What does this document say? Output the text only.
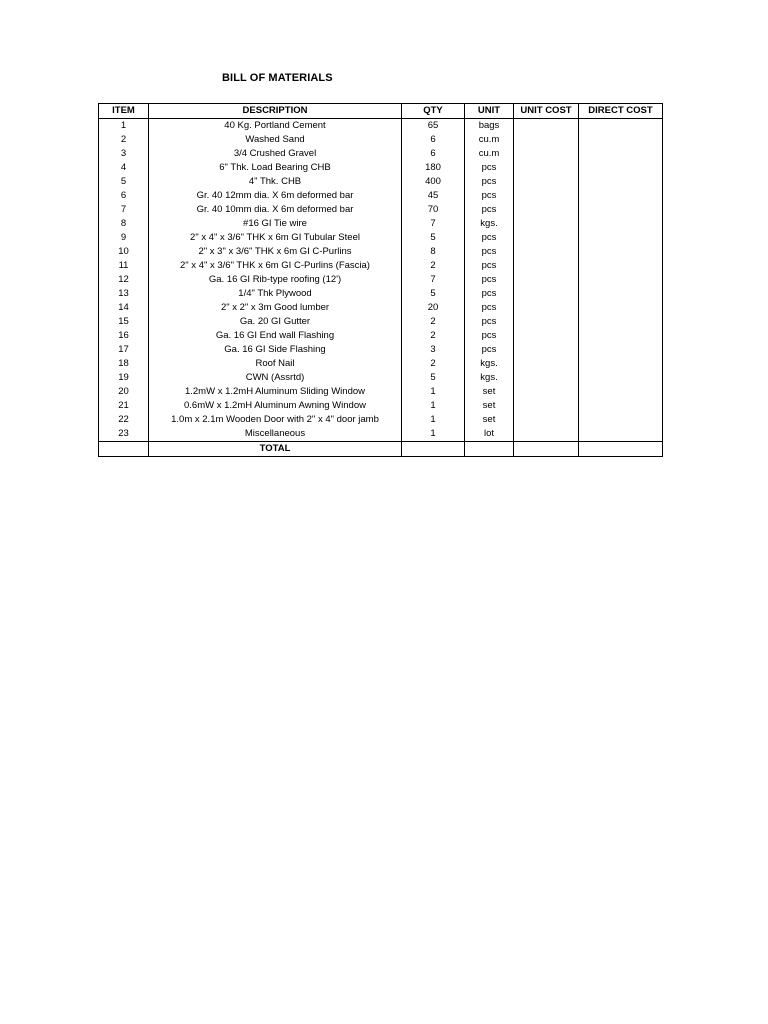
BILL OF MATERIALS
ITEM	DESCRIPTION	QTY	UNIT	UNIT COST	DIRECT COST
1	40 Kg. Portland Cement	65	bags		
2	Washed Sand	6	cu.m		
3	3/4 Crushed Gravel	6	cu.m		
4	6" Thk. Load Bearing CHB	180	pcs		
5	4" Thk. CHB	400	pcs		
6	Gr. 40 12mm dia. X 6m deformed bar	45	pcs		
7	Gr. 40 10mm dia. X 6m deformed bar	70	pcs		
8	#16 GI Tie wire	7	kgs.		
9	2" x 4" x 3/6" THK x 6m GI Tubular Steel	5	pcs		
10	2" x 3" x 3/6" THK x 6m GI C-Purlins	8	pcs		
11	2" x 4" x 3/6" THK x 6m GI C-Purlins (Fascia)	2	pcs		
12	Ga. 16 GI Rib-type roofing (12')	7	pcs		
13	1/4" Thk Plywood	5	pcs		
14	2" x 2" x 3m Good lumber	20	pcs		
15	Ga. 20 GI Gutter	2	pcs		
16	Ga. 16 GI End wall Flashing	2	pcs		
17	Ga. 16 GI Side Flashing	3	pcs		
18	Roof Nail	2	kgs.		
19	CWN (Assrtd)	5	kgs.		
20	1.2mW x 1.2mH Aluminum Sliding Window	1	set		
21	0.6mW x 1.2mH Aluminum Awning Window	1	set		
22	1.0m x 2.1m Wooden Door with 2" x 4" door jamb	1	set		
23	Miscellaneous	1	lot		
	TOTAL				
